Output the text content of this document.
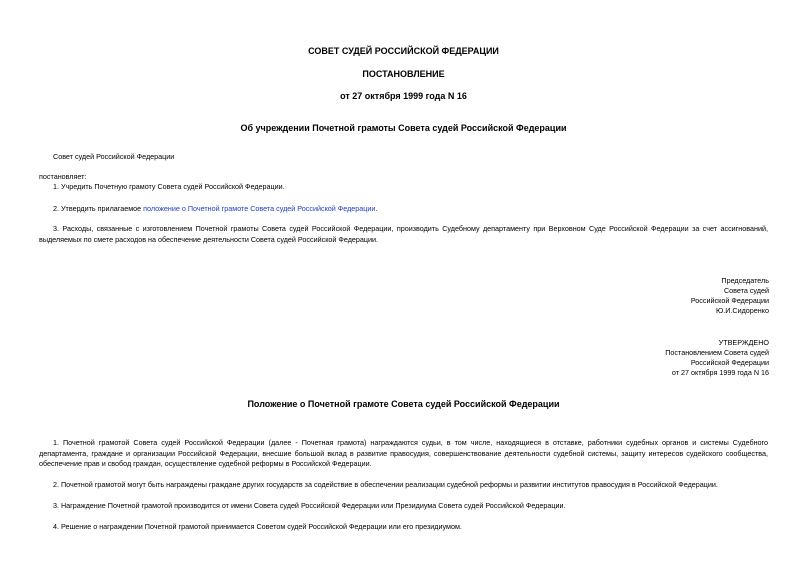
СОВЕТ СУДЕЙ РОССИЙСКОЙ ФЕДЕРАЦИИ
ПОСТАНОВЛЕНИЕ
от 27 октября 1999 года N 16
Об учреждении Почетной грамоты Совета судей Российской Федерации
Совет судей Российской Федерации
постановляет:
1. Учредить Почетную грамоту Совета судей Российской Федерации.
2. Утвердить прилагаемое положение о Почетной грамоте Совета судей Российской Федерации.
3. Расходы, связанные с изготовлением Почетной грамоты Совета судей Российской Федерации, производить Судебному департаменту при Верховном Суде Российской Федерации за счет ассигнований, выделяемых по смете расходов на обеспечение деятельности Совета судей Российской Федерации.
Председатель
Совета судей
Российской Федерации
Ю.И.Сидоренко
УТВЕРЖДЕНО
Постановлением Совета судей
Российской Федерации
от 27 октября 1999 года N 16
Положение о Почетной грамоте Совета судей Российской Федерации
1. Почетной грамотой Совета судей Российской Федерации (далее - Почетная грамота) награждаются судьи, в том числе, находящиеся в отставке, работники судебных органов и системы Судебного департамента, граждане и организации Российской Федерации, внесшие большой вклад в развитие правосудия, совершенствование деятельности судебной системы, защиту интересов судейского сообщества, обеспечение прав и свобод граждан, осуществление судебной реформы в Российской Федерации.
2. Почетной грамотой могут быть награждены граждане других государств за содействие в обеспечении реализации судебной реформы и развитии институтов правосудия в Российской Федерации.
3. Награждение Почетной грамотой производится от имени Совета судей Российской Федерации или Президиума Совета судей Российской Федерации.
4. Решение о награждении Почетной грамотой принимается Советом судей Российской Федерации или его президиумом.
